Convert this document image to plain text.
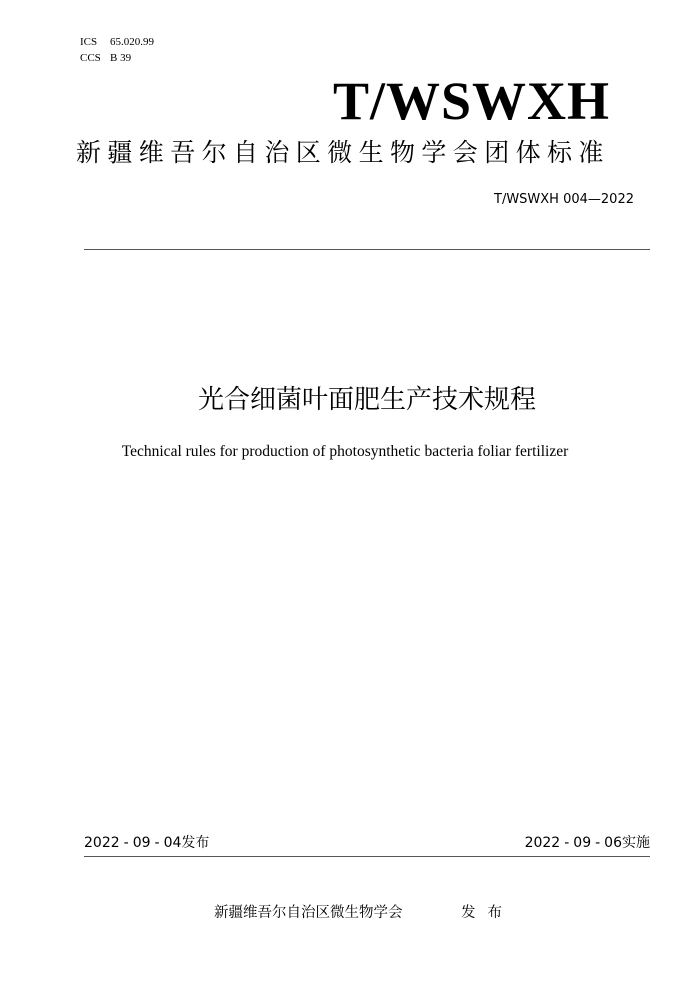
ICS 65.020.99
CCS B 39
T/WSWXH
新疆维吾尔自治区微生物学会团体标准
T/WSWXH 004—2022
光合细菌叶面肥生产技术规程
Technical rules for production of photosynthetic bacteria foliar fertilizer
2022 - 09 - 04发布	2022 - 09 - 06实施
新疆维吾尔自治区微生物学会	发布
